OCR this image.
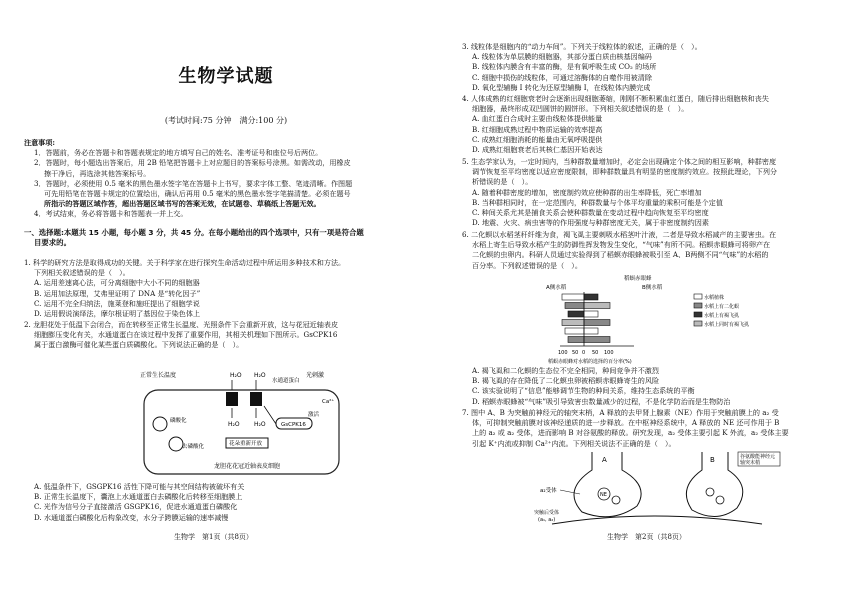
生物学试题
(考试时间:75 分钟　满分:100 分)

注意事项:

1．答题前，务必在答题卡和答题表规定的地方填写自己的姓名、准考证号和座位号后两位。

2．答题时，每小题选出答案后，用 2B 铅笔把答题卡上对应题目的答案标号涂黑。如需改动，用橡皮

擦干净后，再选涂其他答案标号。

3．答题时，必须使用 0.5 毫米的黑色墨水签字笔在答题卡上书写，要求字体工整、笔迹清晰。作图题

可先用铅笔在答题卡规定的位置绘出，确认后再用 0.5 毫米的黑色墨水签字笔描清楚。必须在题号

所指示的答题区域作答，超出答题区域书写的答案无效，在试题卷、草稿纸上答题无效。

4．考试结束，务必将答题卡和答题表一并上交。

一、选择题:本题共 15 小题，每小题 3 分，共 45 分。在每小题给出的四个选项中，只有一项是符合题

目要求的。

1. 科学的研究方法是取得成功的关键。关于科学家在进行探究生命活动过程中所运用多种技术和方法。

下列相关叙述错误的是（　）。

A. 运用差速离心法，可分离细胞中大小不同的细胞器

B. 运用加法原理，艾弗里证明了 DNA 是“转化因子”

C. 运用不完全归纳法，施莱登和施旺提出了细胞学说

D. 运用假说演绎法，摩尔根证明了基因位于染色体上

2. 龙胆花处于低温下会闭合，而在转移至正常生长温度、光照条件下会重新开放，这与花冠近轴表皮

细胞膨压变化有关，水通道蛋白在该过程中发挥了重要作用，其相关机理如下图所示。GsCPK16

属于蛋白激酶可催化某些蛋白质磷酸化。下列说法正确的是（　）。

正常生长温度	H₂O H₂O
水通道蛋白
光刺激
磷酸化
去磷酸化
H₂O H₂O
Ca²⁺
激活
GsCPK16
花朵重新开放
龙胆花花冠近轴表皮细胞

A. 低温条件下，GSGPK16 活性下降可能与其空间结构被破坏有关

B. 正常生长温度下，囊泡上水通道蛋白去磷酸化后转移至细胞膜上

C. 光作为信号分子直接激活 GSGPK16，促进水通道蛋白磷酸化

D. 水通道蛋白磷酸化后构象改变，水分子跨膜运输的速率减慢

生物学　第1页（共8页）

3. 线粒体是细胞内的“动力车间”。下列关于线粒体的叙述，正确的是（　）。

A. 线粒体为单层膜的细胞器，其部分蛋白质由核基因编码

B. 线粒体内膜含有丰富的酶，是有氧呼吸生成 CO₂ 的场所

C. 细胞中损伤的线粒体，可通过溶酶体的自噬作用被清除

D. 氧化型辅酶 I 转化为还原型辅酶 I，在线粒体内膜完成

4. 人体成熟的红细胞衰老时会逐渐出现细胞萎缩，刚刚不断积累血红蛋白，随后排出细胞核和丧失

细胞器，最终形成双凹圆饼的圆饼形。下列相关叙述错误的是（　）。

A. 血红蛋白合成时主要由线粒体提供能量

B. 红细胞成熟过程中物质运输的效率提高

C. 成熟红细胞消耗的能量由无氧呼吸提供

D. 成熟红细胞衰老后其核仁基因开始表达

5. 生态学家认为，一定时间内，当种群数量增加时，必定会出现确定个体之间的相互影响，种群密度

调节恢复至平均密度以适应密度限制，即种群数量具有明显的密度制约效应。按照此理论，下列分

析错误的是（　）。

A. 随着种群密度的增加，密度制约效应使种群的出生率降低，死亡率增加

B. 当种群相同时，在一定范围内，种群数量与个体平均重量的乘积可能是个定值

C. 种间关系尤其是捕食关系会使种群数量在变动过程中趋向恢复至平均密度

D. 地震、火灾、病虫害等的作用强度与种群密度无关，属于非密度制约因素

6. 二化螟以水稻茎秆纤维为食，褐飞虱主要刺吸水稻茎叶汁液，二者是导致水稻减产的主要害虫。在

水稻上寄生后导致水稻产生的防御性挥发物发生变化，“气味”有所不同。稻螟赤眼蜂可将卵产在

二化螟的虫卵内。科研人员通过实验得到了稻螟赤眼蜂被吸引至 A、B两侧不同“气味”的水稻的

百分率。下列叙述错误的是（　）。

稻螟赤眼蜂
A侧水稻	B侧水稻
100 50 0 50 100
稻螟赤眼蜂对水稻的选择的百分率(%)
水稻植株
水稻上有二化螟
水稻上有褐飞虱
水稻上同时有褐飞虱

A. 褐飞虱和二化螟的生态位不完全相同，种间竞争并不激烈

B. 褐飞虱的存在降低了二化螟虫卵被稻螟赤眼蜂寄生的风险

C. 该实验说明了“信息”能够调节生物的种间关系，维持生态系统的平衡

D. 稻螟赤眼蜂被“气味”吸引导致害虫数量减少的过程，不是化学防治而是生物防治

7. 图中 A、B 为突触前神经元的轴突末梢，A 释放的去甲肾上腺素（NE）作用于突触前膜上的 a₂ 受

体，可抑制突触前膜对该神经递质的进一步释放。在中枢神经系统中，A 释放的 NE 还可作用于 B

上的 a₂ 或 a₂ 受体，进而影响 B 对谷氨酸的释放。研究发现，a₂ 受体主要引起 K 外流，a₂ 受体主要

引起 K⁺内流或抑制 Ca²⁺内流。下列相关说法不正确的是（　）。

A	B
NE
a₂受体
谷氨酸能神经元
轴突末梢
突触后受体
(a₁, a₂)
生物学　第2页（共8页）
